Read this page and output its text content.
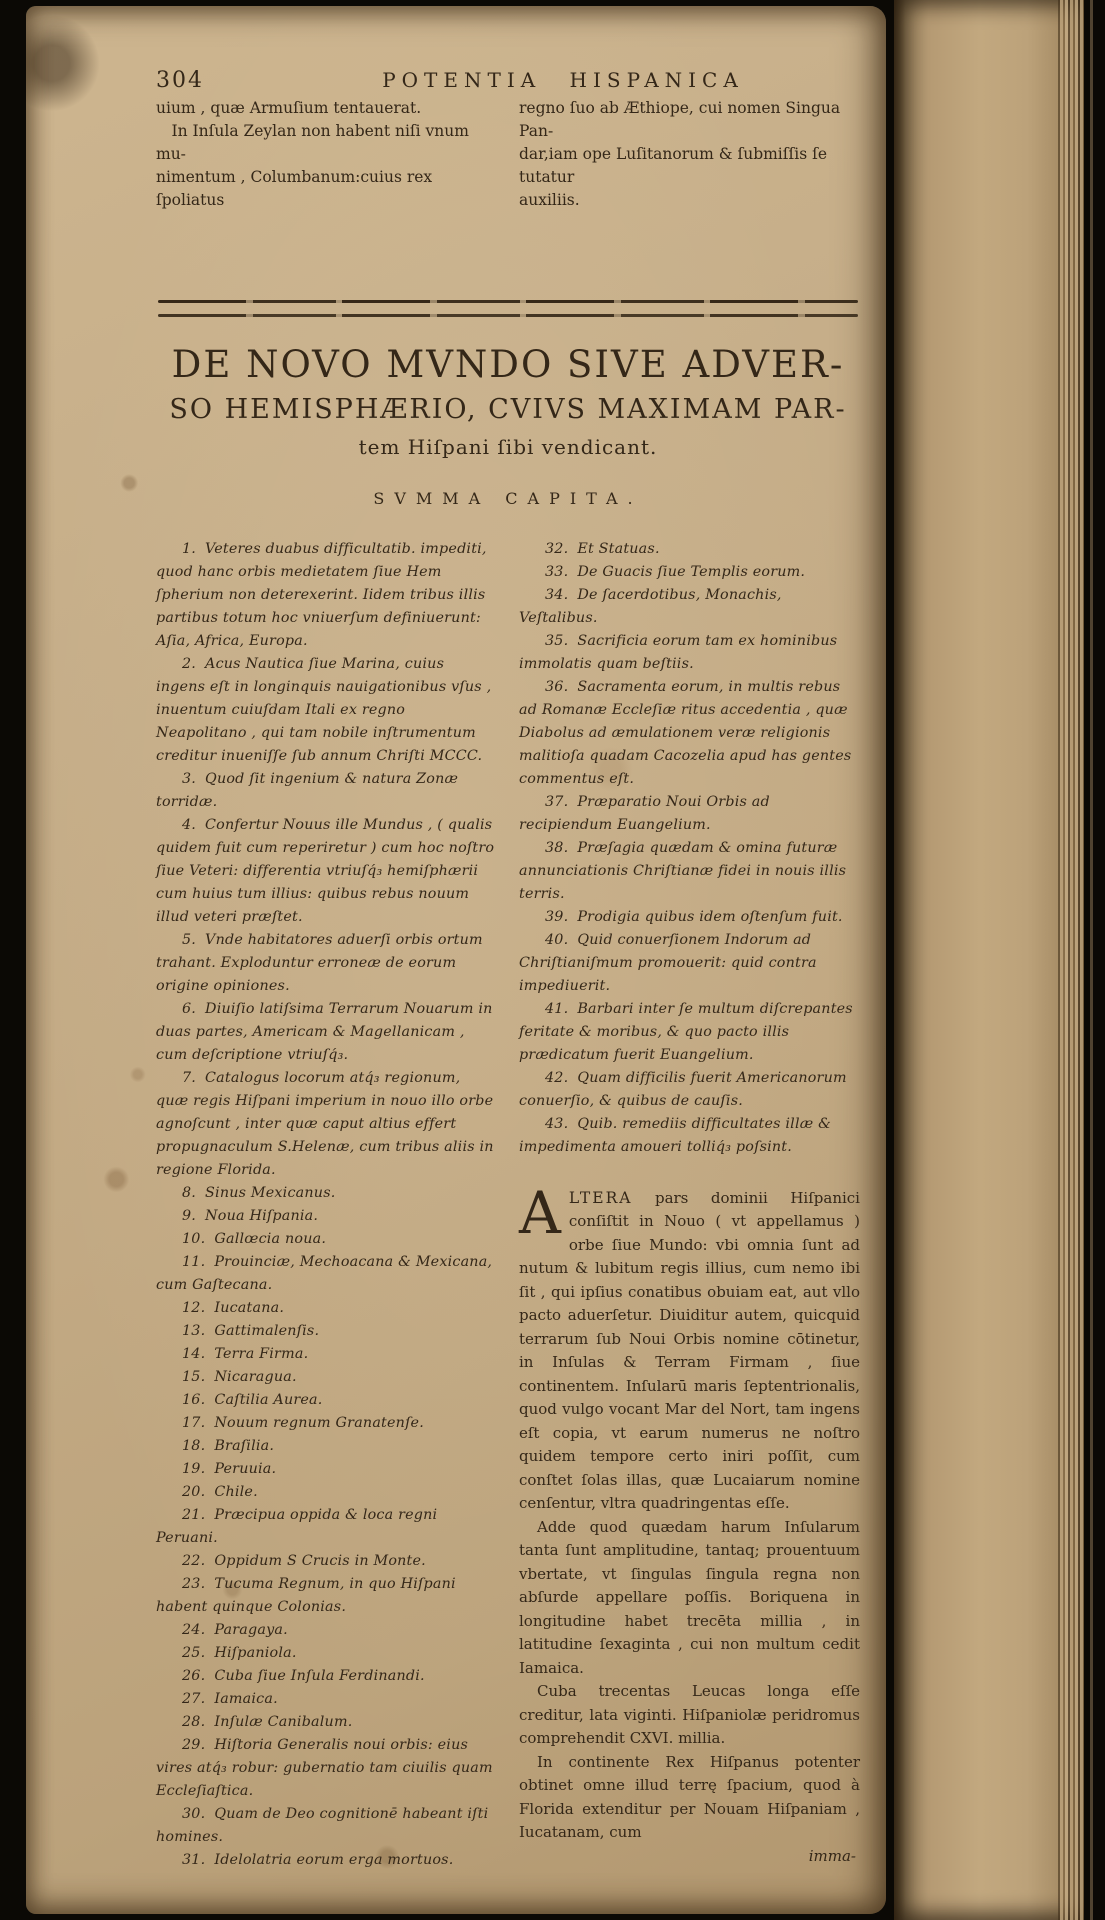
304	POTENTIA HISPANICA
uium , quæ Armuſium tentauerat.
  In Inſula Zeylan non habent niſi vnum mu-
nimentum , Columbanum:cuius rex ſpoliatus
regno ſuo ab Æthiope, cui nomen Singua Pan-
dar,iam ope Luſitanorum & ſubmiſſis ſe tutatur
auxiliis.
DE NOVO MVNDO SIVE ADVER-
SO HEMISPHÆRIO, CVIVS MAXIMAM PAR-
tem Hiſpani ſibi vendicant.
SVMMA CAPITA.
1. Veteres duabus difficultatib. impediti, quod hanc orbis medietatem ſiue Hem ſpherium non deterexerint. Iidem tribus illis partibus totum hoc vniuerſum definiuerunt: Aſia, Africa, Europa.
2. Acus Nautica ſiue Marina, cuius ingens eſt in longinquis nauigationibus vſus , inuentum cuiuſdam Itali ex regno Neapolitano , qui tam nobile inſtrumentum creditur inueniſſe ſub annum Chriſti MCCC.
3. Quod ſit ingenium & natura Zonæ torridæ.
4. Confertur Nouus ille Mundus , ( qualis quidem fuit cum reperiretur ) cum hoc noſtro ſiue Veteri: differentia vtriuſq́₃ hemiſphærii cum huius tum illius: quibus rebus nouum illud veteri præſtet.
5. Vnde habitatores aduerſi orbis ortum trahant. Exploduntur erroneæ de eorum origine opiniones.
6. Diuiſio latiſsima Terrarum Nouarum in duas partes, Americam & Magellanicam , cum deſcriptione vtriuſq́₃.
7. Catalogus locorum atq́₃ regionum, quæ regis Hiſpani imperium in nouo illo orbe agnoſcunt , inter quæ caput altius effert propugnaculum S.Helenæ, cum tribus aliis in regione Florida.
8. Sinus Mexicanus.
9. Noua Hiſpania.
10. Gallœcia noua.
11. Prouinciæ, Mechoacana & Mexicana, cum Gaſtecana.
12. Iucatana.
13. Gattimalenſis.
14. Terra Firma.
15. Nicaragua.
16. Caſtilia Aurea.
17. Nouum regnum Granatenſe.
18. Braſilia.
19. Peruuia.
20. Chile.
21. Præcipua oppida & loca regni Peruani.
22. Oppidum S Crucis in Monte.
23. Tucuma Regnum, in quo Hiſpani habent quinque Colonias.
24. Paragaya.
25. Hiſpaniola.
26. Cuba ſiue Inſula Ferdinandi.
27. Iamaica.
28. Inſulæ Canibalum.
29. Hiſtoria Generalis noui orbis: eius vires atq́₃ robur: gubernatio tam ciuilis quam Eccleſiaſtica.
30. Quam de Deo cognitionē habeant iſti homines.
31. Idelolatria eorum erga mortuos.
32. Et Statuas.
33. De Guacis ſiue Templis eorum.
34. De ſacerdotibus, Monachis, Veſtalibus.
35. Sacrificia eorum tam ex hominibus immolatis quam beſtiis.
36. Sacramenta eorum, in multis rebus ad Romanæ Eccleſiæ ritus accedentia , quæ Diabolus ad æmulationem veræ religionis malitioſa quadam Cacozelia apud has gentes commentus eſt.
37. Præparatio Noui Orbis ad recipiendum Euangelium.
38. Præſagia quædam & omina futuræ annunciationis Chriſtianæ fidei in nouis illis terris.
39. Prodigia quibus idem oſtenſum fuit.
40. Quid conuerſionem Indorum ad Chriſtianiſmum promouerit: quid contra impediuerit.
41. Barbari inter ſe multum diſcrepantes feritate & moribus, & quo pacto illis prædicatum fuerit Euangelium.
42. Quam difficilis fuerit Americanorum conuerſio, & quibus de cauſis.
43. Quib. remediis difficultates illæ & impedimenta amoueri tolliq́₃ poſsint.

ALTERA pars dominii Hiſpanici conſiſtit in Nouo ( vt appellamus ) orbe ſiue Mundo: vbi omnia ſunt ad nutum & lubitum regis illius, cum nemo ibi ſit , qui ipſius conatibus obuiam eat, aut vllo pacto aduerſetur. Diuiditur autem, quicquid terrarum ſub Noui Orbis nomine cōtinetur, in Inſulas & Terram Firmam , ſiue continentem. Inſularū maris ſeptentrionalis, quod vulgo vocant Mar del Nort, tam ingens eſt copia, vt earum numerus ne noſtro quidem tempore certo iniri poſſit, cum conſtet ſolas illas, quæ Lucaiarum nomine cenſentur, vltra quadringentas eſſe.

Adde quod quædam harum Inſularum tanta ſunt amplitudine, tantaq; prouentuum vbertate, vt ſingulas ſingula regna non abſurde appellare poſſis. Boriquena in longitudine habet trecēta millia , in latitudine ſexaginta , cui non multum cedit Iamaica.

Cuba trecentas Leucas longa eſſe creditur, lata viginti. Hiſpaniolæ peridromus comprehendit CXVI. millia.

In continente Rex Hiſpanus potenter obtinet omne illud terrę ſpacium, quod à Florida extenditur per Nouam Hiſpaniam , Iucatanam, cum

imma-
